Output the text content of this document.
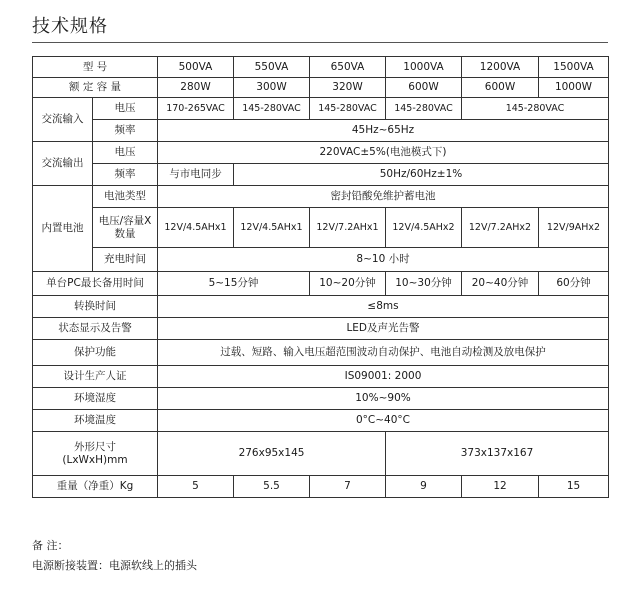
技术规格
型 号		500VA	550VA	650VA	1000VA	1200VA	1500VA
额 定 容 量		280W	300W	320W	600W	600W	1000W
交流输入	电压	170-265VAC	145-280VAC	145-280VAC	145-280VAC	145-280VAC	
	频率	45Hz~65Hz					
交流输出	电压	220VAC±5%(电池模式下)					
	频率	与市电同步	50Hz/60Hz±1%				
内置电池	电池类型	密封铅酸免维护蓄电池					
	电压/容量X数量	12V/4.5AHx1	12V/4.5AHx1	12V/7.2AHx1	12V/4.5AHx2	12V/7.2AHx2	12V/9AHx2
	充电时间	8~10 小时					
单台PC最长备用时间		5~15分钟		10~20分钟	10~30分钟	20~40分钟	60分钟
转换时间		≤8ms					
状态显示及告警		LED及声光告警					
保护功能		过载、短路、输入电压超范围波动自动保护、电池自动检测及放电保护					
设计生产人证		IS09001: 2000					
环境湿度		10%~90%					
环境温度		0°C~40°C					

外形尺寸
(LxWxH)mm		276x95x145			373x137x167		
重量（净重）Kg		5	5.5	7	9	12	15
备 注：
电源断接装置：电源软线上的插头
